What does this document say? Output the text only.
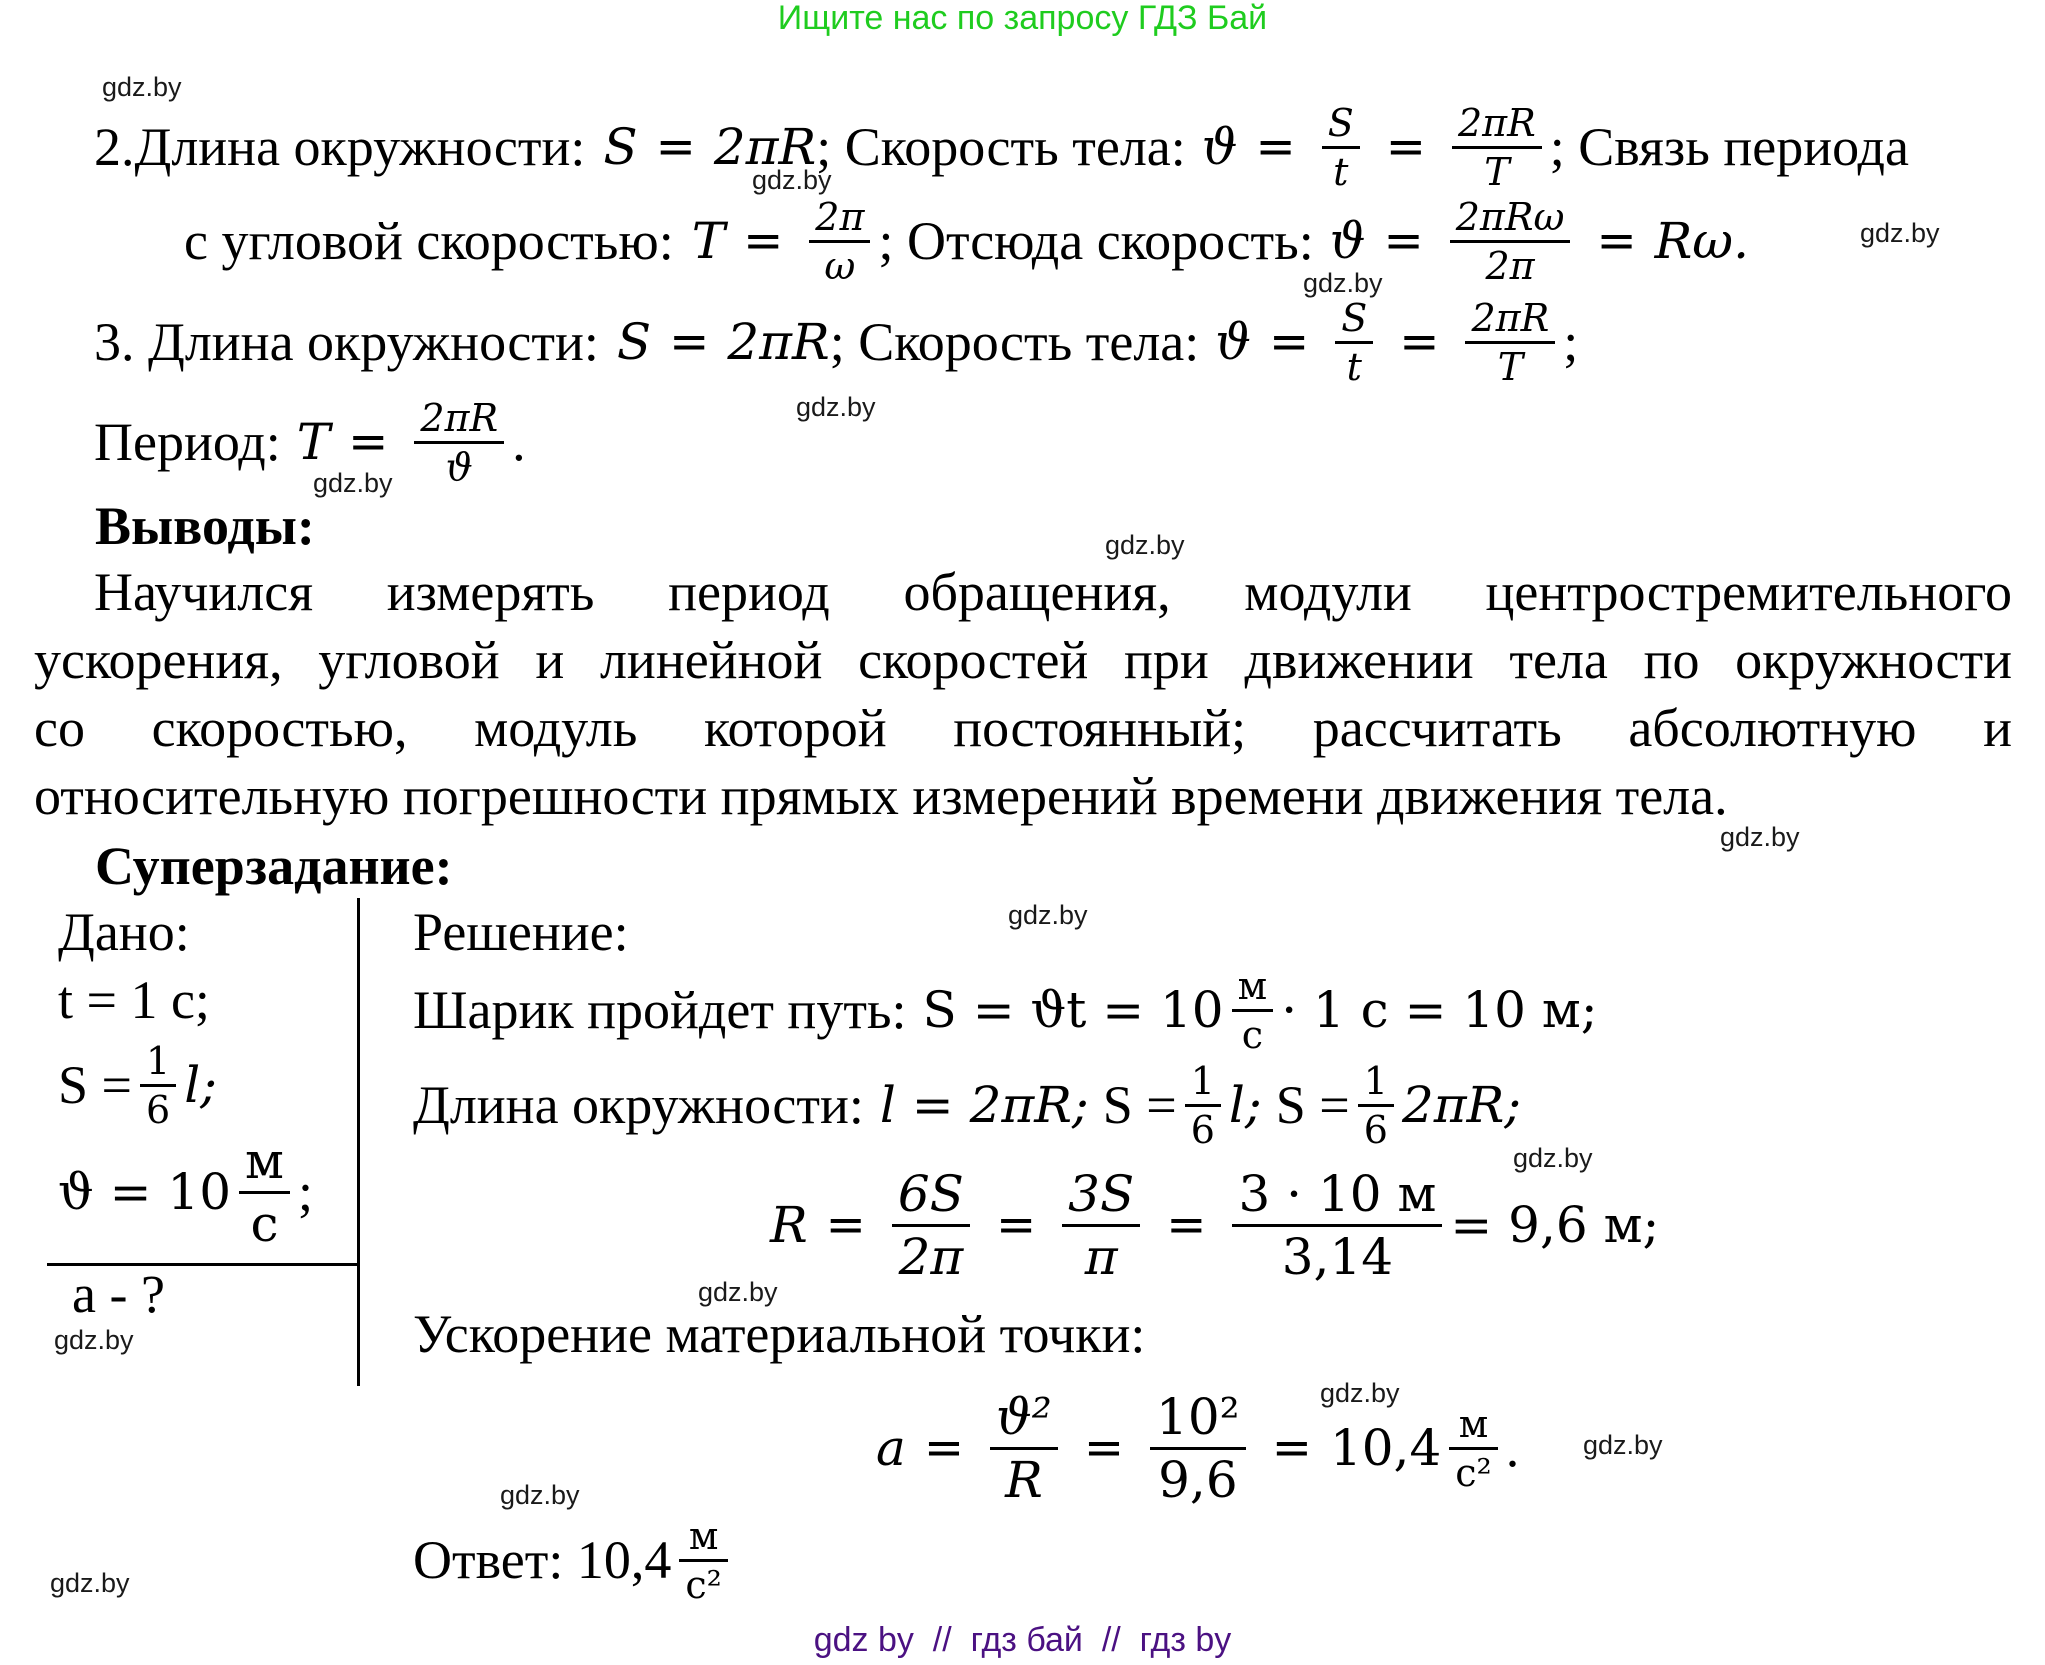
Ищите нас по запросу ГДЗ Бай
gdz.by
gdz.by
gdz.by
gdz.by
gdz.by
gdz.by
gdz.by
gdz.by
gdz.by
gdz.by
gdz.by
gdz.by
gdz.by
gdz.by
gdz.by
gdz.by
2.Длина окружности: S = 2πR ; Скорость тела: $ϑ = \frac{S}{t} = \frac{2\pi R}{T}$ ; Связь периода
с угловой скоростью: $T = \frac{2\pi}{\omega}$ ; Отсюда скорость: $ϑ = \frac{\text{2πRω}}{2\pi} = R\omega$.
3. Длина окружности: S = 2πR ; Скорость тела: $ϑ = \frac{S}{t} = \frac{2\pi R}{T}$ ;
Период: $T = \frac{2\pi R}{ϑ}$ .
Выводы:
Научился измерять период обращения, модули центростремительного
ускорения, угловой и линейной скоростей при движении тела по окружности
со скоростью, модуль которой постоянный; рассчитать абсолютную и
относительную погрешности прямых измерений времени движения тела.
Суперзадание:
Дано:
t = 1 с;
$S = \frac{1}{6} l$;
$ϑ = 10 \frac{м}{с}$ ;
a - ?
Решение:
Шарик пройдет путь: $S = ϑt = 10 \frac{м}{с} \cdot 1$ с = 10 м;
Длина окружности: l = 2πR; $S = \frac{1}{6} l$; $S = \frac{1}{6} 2\pi R$;
$R = \frac{6S}{2\pi} = \frac{3S}{\pi} = \frac{3 \cdot 10 м}{3,14} = 9,6$ м;
Ускорение материальной точки:
$a = \frac{\text{ϑ²}}{R} = \frac{\text{10²}}{9,6} = 10,4 \frac{м}{\text{с²}}$ .
Ответ: $10,4 \frac{м}{\text{с²}}$
gdz by  //  гдз бай  //  гдз by
